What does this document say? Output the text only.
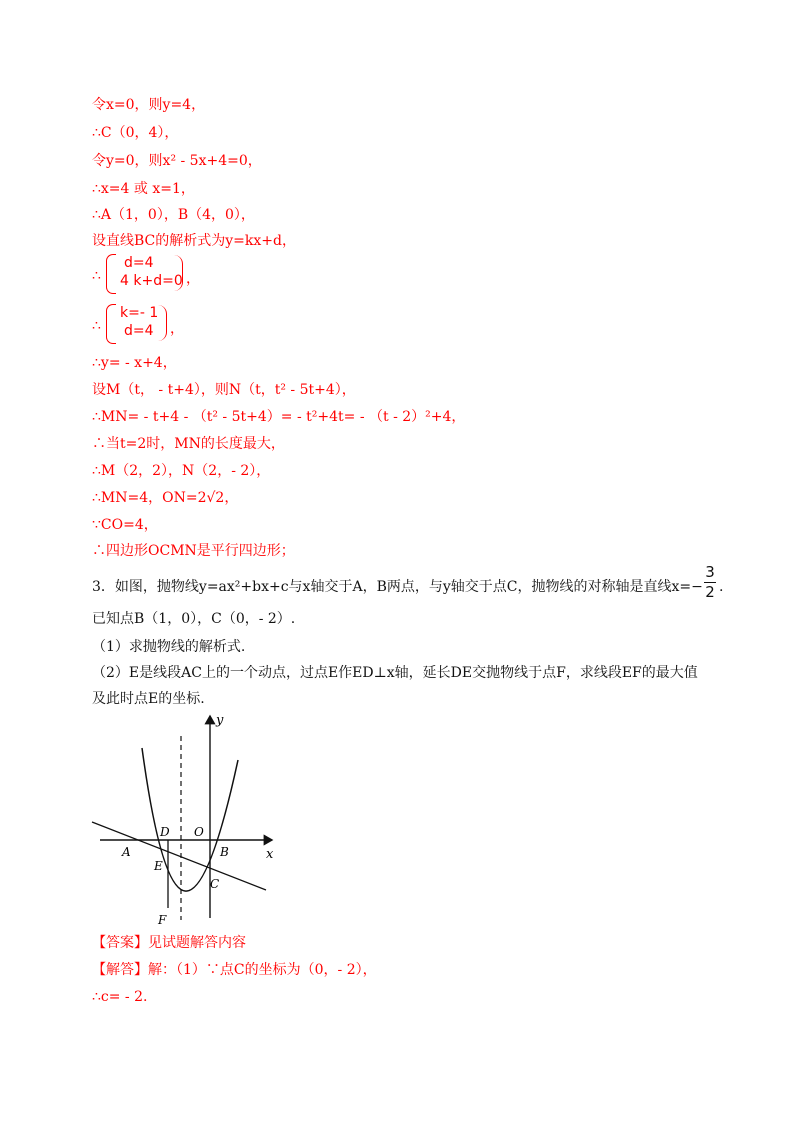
令x=0，则y=4，
∴C（0，4），
令y=0，则x² - 5x+4=0，
∴x=4 或 x=1，
∴A（1，0），B（4，0），
设直线BC的解析式为y=kx+d，
∴
d=4
4 k+d=0 ，
∴
k=- 1
d=4 ，
∴y= - x+4，
设M（t， - t+4），则N（t，t² - 5t+4），
∴MN= - t+4 - （t² - 5t+4）= - t²+4t= - （t - 2）²+4，
∴当t=2时，MN的长度最大，
∴M（2，2），N（2，- 2），
∴MN=4，ON=2√2，
∵CO=4，
∴四边形OCMN是平行四边形；
3．如图，抛物线y=ax²+bx+c与x轴交于A，B两点，与y轴交于点C，抛物线的对称轴是直线x=−
3
2 .
已知点B（1，0），C（0，- 2）.
（1）求抛物线的解析式.
（2）E是线段AC上的一个动点，过点E作ED⊥x轴，延长DE交抛物线于点F，求线段EF的最大值
及此时点E的坐标.
y
x
O
D
A	B
E
C
F
【答案】见试题解答内容
【解答】解：（1）∵点C的坐标为（0，- 2），
∴c= - 2.
